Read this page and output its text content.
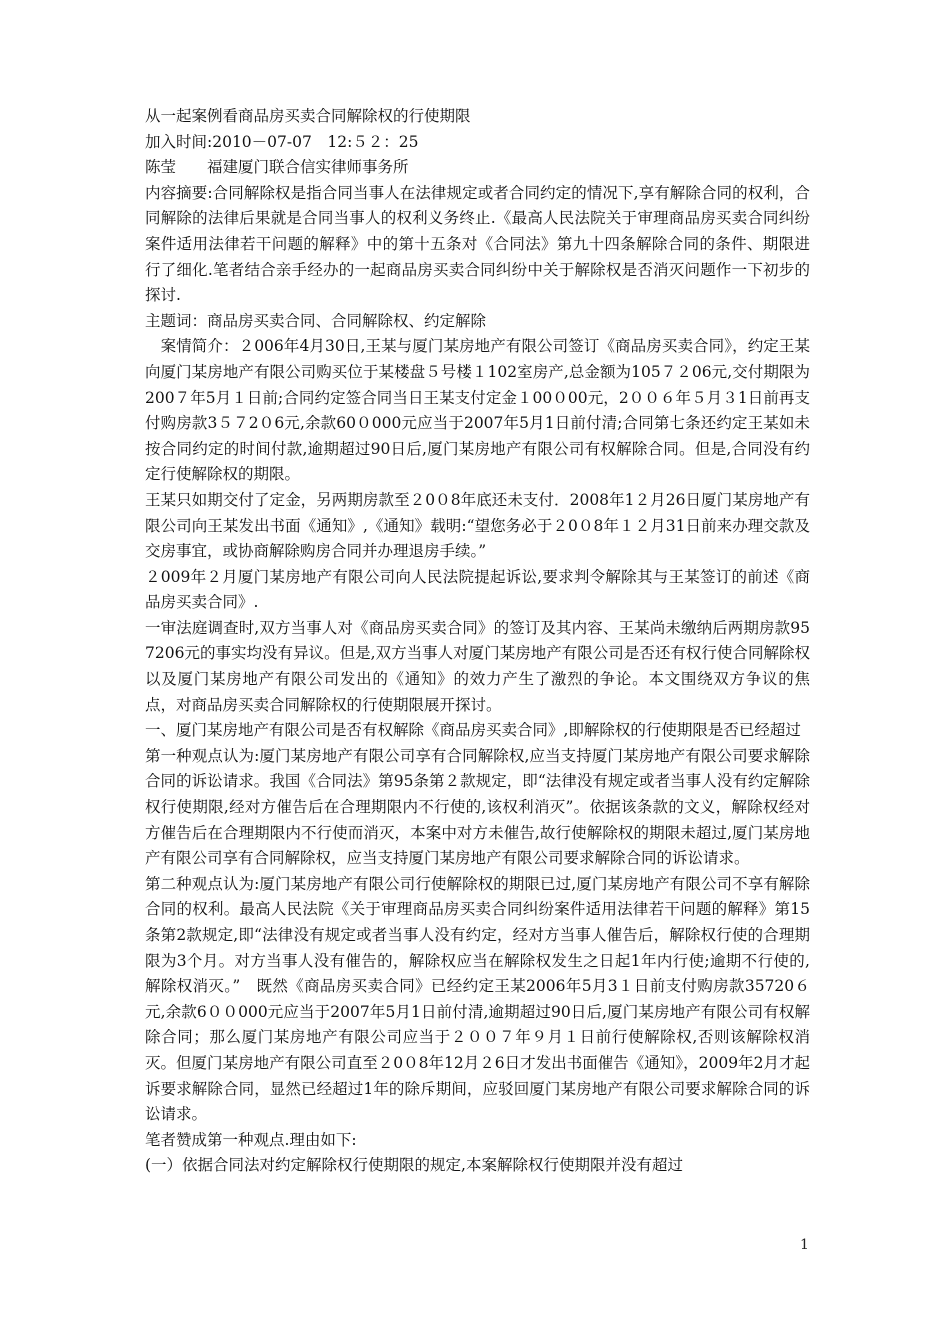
从一起案例看商品房买卖合同解除权的行使期限

加入时间:2010－07-07　12:５２：25

陈莹　　福建厦门联合信实律师事务所

内容摘要:合同解除权是指合同当事人在法律规定或者合同约定的情况下,享有解除合同的权利，合同解除的法律后果就是合同当事人的权利义务终止.《最高人民法院关于审理商品房买卖合同纠纷案件适用法律若干问题的解释》中的第十五条对《合同法》第九十四条解除合同的条件、期限进行了细化.笔者结合亲手经办的一起商品房买卖合同纠纷中关于解除权是否消灭问题作一下初步的探讨.

主题词：商品房买卖合同、合同解除权、约定解除

　案情简介：２006年4月30日,王某与厦门某房地产有限公司签订《商品房买卖合同》，约定王某向厦门某房地产有限公司购买位于某楼盘５号楼１102室房产,总金额为105７２06元,交付期限为200７年5月１日前;合同约定签合同当日王某支付定金１00０00元，2００６年５月３1日前再支付购房款3５７2０6元,余款60０000元应当于2007年5月1日前付清;合同第七条还约定王某如未按合同约定的时间付款,逾期超过90日后,厦门某房地产有限公司有权解除合同。但是,合同没有约定行使解除权的期限。

王某只如期交付了定金，另两期房款至２0０8年底还未支付．2008年1２月26日厦门某房地产有限公司向王某发出书面《通知》,《通知》载明:“望您务必于２0０8年１２月31日前来办理交款及交房事宜，或协商解除购房合同并办理退房手续。”

２009年２月厦门某房地产有限公司向人民法院提起诉讼,要求判令解除其与王某签订的前述《商品房买卖合同》.

一审法庭调查时,双方当事人对《商品房买卖合同》的签订及其内容、王某尚未缴纳后两期房款957206元的事实均没有异议。但是,双方当事人对厦门某房地产有限公司是否还有权行使合同解除权以及厦门某房地产有限公司发出的《通知》的效力产生了激烈的争论。本文围绕双方争议的焦点，对商品房买卖合同解除权的行使期限展开探讨。

一、厦门某房地产有限公司是否有权解除《商品房买卖合同》,即解除权的行使期限是否已经超过

第一种观点认为:厦门某房地产有限公司享有合同解除权,应当支持厦门某房地产有限公司要求解除合同的诉讼请求。我国《合同法》第95条第２款规定，即“法律没有规定或者当事人没有约定解除权行使期限,经对方催告后在合理期限内不行使的,该权利消灭”。依据该条款的文义，解除权经对方催告后在合理期限内不行使而消灭，本案中对方未催告,故行使解除权的期限未超过,厦门某房地产有限公司享有合同解除权，应当支持厦门某房地产有限公司要求解除合同的诉讼请求。

第二种观点认为:厦门某房地产有限公司行使解除权的期限已过,厦门某房地产有限公司不享有解除合同的权利。最高人民法院《关于审理商品房买卖合同纠纷案件适用法律若干问题的解释》第15条第2款规定,即“法律没有规定或者当事人没有约定，经对方当事人催告后，解除权行使的合理期限为3个月。对方当事人没有催告的，解除权应当在解除权发生之日起1年内行使;逾期不行使的,解除权消灭。”　既然《商品房买卖合同》已经约定王某2006年5月3１日前支付购房款35720６元,余款6００000元应当于2007年5月1日前付清,逾期超过90日后,厦门某房地产有限公司有权解除合同；那么厦门某房地产有限公司应当于２００７年９月１日前行使解除权,否则该解除权消灭。但厦门某房地产有限公司直至２0０8年12月２6日才发出书面催告《通知》，2009年2月才起诉要求解除合同，显然已经超过1年的除斥期间，应驳回厦门某房地产有限公司要求解除合同的诉讼请求。

笔者赞成第一种观点.理由如下:

(一）依据合同法对约定解除权行使期限的规定,本案解除权行使期限并没有超过

1
